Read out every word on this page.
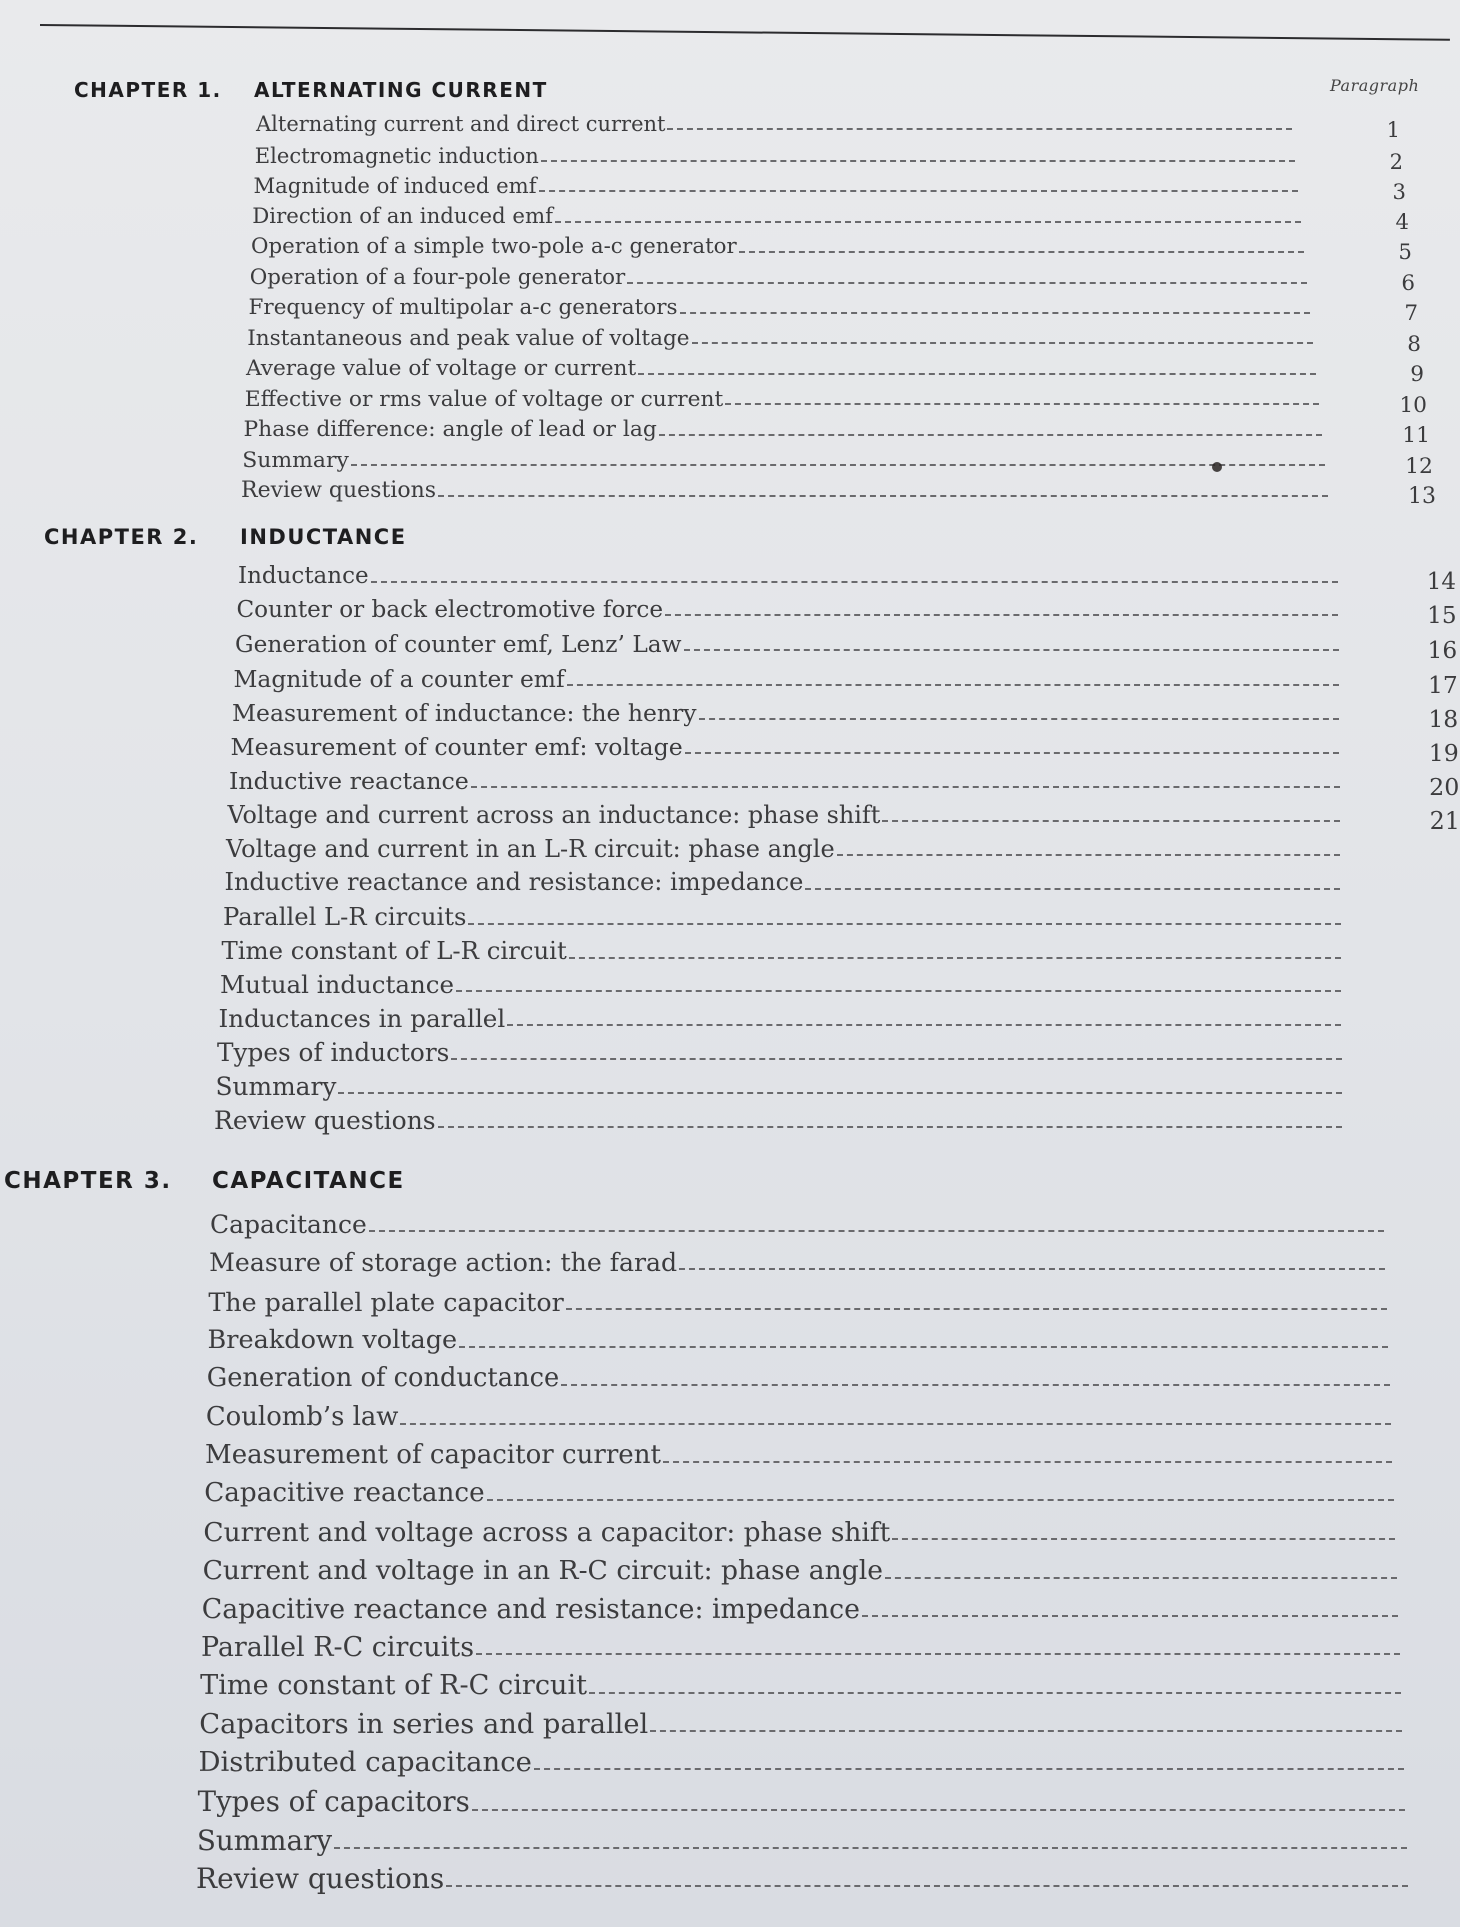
Paragraph
CHAPTER 1.	ALTERNATING CURRENT
Alternating current and direct current	1
Electromagnetic induction	2
Magnitude of induced emf	3
Direction of an induced emf	4
Operation of a simple two-pole a-c generator	5
Operation of a four-pole generator	6
Frequency of multipolar a-c generators	7
Instantaneous and peak value of voltage	8
Average value of voltage or current	9
Effective or rms value of voltage or current	10
Phase difference: angle of lead or lag	11
Summary	12
Review questions	13
CHAPTER 2.	INDUCTANCE
Inductance	14
Counter or back electromotive force	15
Generation of counter emf, Lenz’ Law	16
Magnitude of a counter emf	17
Measurement of inductance: the henry	18
Measurement of counter emf: voltage	19
Inductive reactance	20
Voltage and current across an inductance: phase shift	21
Voltage and current in an L-R circuit: phase angle
Inductive reactance and resistance: impedance
Parallel L-R circuits
Time constant of L-R circuit
Mutual inductance
Inductances in parallel
Types of inductors
Summary
Review questions
CHAPTER 3.	CAPACITANCE
Capacitance
Measure of storage action: the farad
The parallel plate capacitor
Breakdown voltage
Generation of conductance
Coulomb’s law
Measurement of capacitor current
Capacitive reactance
Current and voltage across a capacitor: phase shift
Current and voltage in an R-C circuit: phase angle
Capacitive reactance and resistance: impedance
Parallel R-C circuits
Time constant of R-C circuit
Capacitors in series and parallel
Distributed capacitance
Types of capacitors
Summary
Review questions
